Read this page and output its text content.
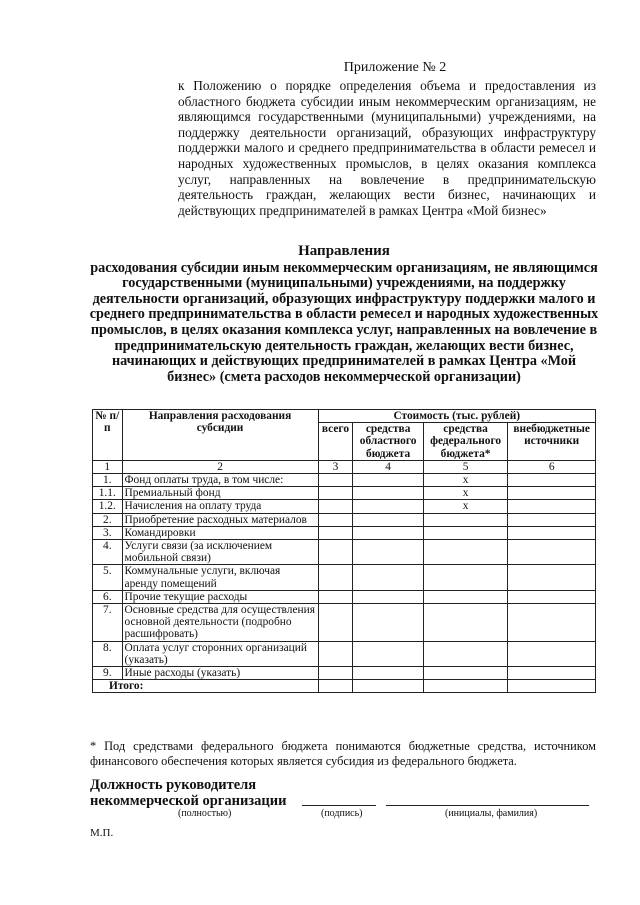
Приложение № 2
к Положению о порядке определения объема и предоставления из областного бюджета субсидии иным некоммерческим организациям, не являющимся государственными (муниципальными) учреждениями, на поддержку деятельности организаций, образующих инфраструктуру поддержки малого и среднего предпринимательства в области ремесел и народных художественных промыслов, в целях оказания комплекса услуг, направленных на вовлечение в предпринимательскую деятельность граждан, желающих вести бизнес, начинающих и действующих предпринимателей в рамках Центра «Мой бизнес»
Направления
расходования субсидии иным некоммерческим организациям, не являющимся государственными (муниципальными) учреждениями, на поддержку деятельности организаций, образующих инфраструктуру поддержки малого и среднего предпринимательства в области ремесел и народных художественных промыслов, в целях оказания комплекса услуг, направленных на вовлечение в предпринимательскую деятельность граждан, желающих вести бизнес, начинающих и действующих предпринимателей в рамках Центра «Мой бизнес» (смета расходов некоммерческой организации)
№ п/п	Направления расходования субсидии	Стоимость (тыс. рублей)			
		всего	средства областного бюджета	средства федерального бюджета*	внебюджетные источники
1	2	3	4	5	6
1.	Фонд оплаты труда, в том числе:			х	
1.1.	Премиальный фонд			х	
1.2.	Начисления на оплату труда			х	
2.	Приобретение расходных материалов				
3.	Командировки				
4.	Услуги связи (за исключением мобильной связи)				
5.	Коммунальные услуги, включая аренду помещений				
6.	Прочие текущие расходы				
7.	Основные средства для осуществления основной деятельности (подробно расшифровать)				
8.	Оплата услуг сторонних организаций (указать)				
9.	Иные расходы (указать)				
Итого:					
* Под средствами федерального бюджета понимаются бюджетные средства, источником финансового обеспечения которых является субсидия из федерального бюджета.
Должность руководителя
некоммерческой организации
(полностью)	(подпись)	(инициалы, фамилия)
М.П.
